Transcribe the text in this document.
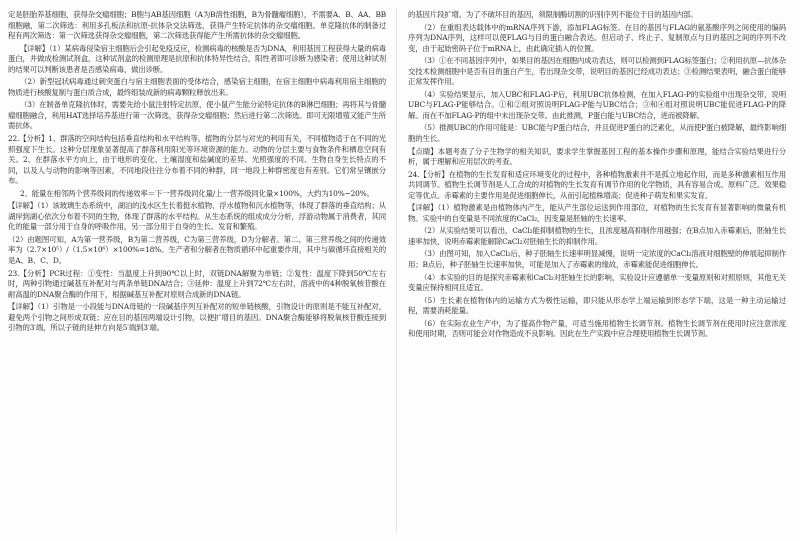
定是胚胎养基细胞，获得杂交瘤细胞；B胞与AB基因细胞（A为B溶性细胞，B为骨髓瘤细胞），不需要A、B、AA、BB细胞融，第二次筛选：利用多孔板法和抗原-抗体杂交法筛选，获得产生特定抗体的杂交瘤细胞。单克隆抗体的制备过程有两次筛选：第一次筛选获得杂交瘤细胞，第二次筛选获得能产生所需抗体的杂交瘤细胞。

【详解】（1）某病毒侵染宿主细胞后会引起免疫反应，检测病毒的核酸是否为DNA，利用基因工程获得大量的病毒蛋白，并做成检测试剂盒，这种试剂盒的检测原理是抗原和抗体特异性结合，阳性者即可诊断为感染者；使用这种试剂的结果可以判断该患者是否感染病毒，做出诊断。

（2）新型冠状病毒通过刺突蛋白与宿主细胞表面的受体结合，感染宿主细胞，在宿主细胞中病毒利用宿主细胞的物质进行核酸复制与蛋白质合成，最终组装成新的病毒颗粒释放出来。

（3）在制备单克隆抗体时，需要先给小鼠注射特定抗原，使小鼠产生能分泌特定抗体的B淋巴细胞；再将其与骨髓瘤细胞融合，利用HAT选择培养基进行第一次筛选，获得杂交瘤细胞；然后进行第二次筛选。即可无限增殖又能产生所需抗体。

22.【分析】1、群落的空间结构包括垂直结构和水平结构等。植物的分层与对光的利用有关，不同植物适于在不同的光照强度下生长。这种分层现象显著提高了群落利用阳光等环境资源的能力。动物的分层主要与食物条件和栖息空间有关。2、在群落水平方向上，由于地形的变化、土壤湿度和盐碱度的差异、光照强度的不同、生物自身生长特点的不同，以及人与动物的影响等因素，不同地段往往分布着不同的种群，同一地段上种群密度也有差别。它们常呈镶嵌分布。

2、能量在相邻两个营养级间的传递效率＝下一营养级同化量/上一营养级同化量×100%，大约为10%~20%。

【详解】（1）该玻璃生态系统中，湖泊的浅水区生长着挺水植物、浮水植物和沉水植物等，体现了群落的垂直结构；从湖岸到湖心依次分布着不同的生物，体现了群落的水平结构。从生态系统的组成成分分析，浮游动物属于消费者，其同化的能量一部分用于自身的呼吸作用，另一部分用于自身的生长、发育和繁殖。

（2）由题图可知，A为第一营养级，B为第二营养级，C为第三营养级，D为分解者。第二、第三营养级之间的传递效率为（2.7×10⁵）/（1.5×10⁶）×100%=18%。生产者和分解者在物质循环中起重要作用，其中与碳循环直接相关的是A、B、C、D。

23.【分析】PCR过程：①变性：当温度上升到90℃以上时，双链DNA解聚为单链；②复性：温度下降到50℃左右时，两种引物通过碱基互补配对与两条单链DNA结合；③延伸：温度上升到72℃左右时，溶液中的4种脱氧核苷酸在耐高温的DNA聚合酶的作用下，根据碱基互补配对原则合成新的DNA链。

【详解】（1）引物是一小段能与DNA母链的一段碱基序列互补配对的短单链核酸，引物设计的原则是不能互补配对，避免两个引物之间形成双链；应在目的基因两端设计引物，以便扩增目的基因。DNA聚合酶能够将脱氧核苷酸连接到引物的3′端，所以子链的延伸方向是5′端到3′端。

的基因片段扩增。为了不破坏目的基因，须限制酶切割的识别序列不能位于目的基因内部。

（2）在重组表达载体中的mRNA序列下游，添加FLAG标签。在目的基因与FLAG的氨基酸序列之间使用的编码序列为DNA序列，这样可以使FLAG与目的蛋白融合表达。但启动子、终止子、复制原点与目的基因之间的序列不改变，由于起始密码子位于mRNA上，由此确定插入的位置。

（3）①在不同基因序列中，如果目的基因在细胞内成功表达，则可以检测到FLAG标签蛋白；②利用抗原—抗体杂交技术检测细胞中是否有目的蛋白产生，若出现杂交带，说明目的基因已经成功表达；③检测结果表明，融合蛋白能够正常发挥作用。

（4）实验结果显示，加入UBC和FLAG-P后，利用UBC抗体检测，在加入FLAG-P的实验组中出现杂交带，说明UBC与FLAG-P能够结合。①和②组对照说明FLAG-P能与UBC结合；③和④组对照说明UBC能促进FLAG-P的降解。而在不加FLAG-P的组中未出现杂交带。由此推测，P蛋白能与UBC结合，进而被降解。

（5）推测UBC的作用可能是：UBC能与P蛋白结合，并且促进P蛋白的泛素化，从而使P蛋白被降解，最终影响细胞的生长。

【点睛】本题考查了分子生物学的相关知识，要求学生掌握基因工程的基本操作步骤和原理，能结合实验结果进行分析，属于理解和应用层次的考查。

24.【分析】在植物的生长发育和适应环境变化的过程中，各种植物激素并不是孤立地起作用，而是多种激素相互作用共同调节。植物生长调节剂是人工合成的对植物的生长发育有调节作用的化学物质，具有容易合成、原料广泛、效果稳定等优点。赤霉素的主要作用是促进细胞伸长，从而引起植株增高；促进种子萌发和果实发育。

【详解】（1）植物激素是由植物体内产生，能从产生部位运送到作用部位，对植物的生长发育有显著影响的微量有机物。实验中的自变量是不同浓度的CaCl₂，因变量是胚轴的生长速率。

（2）从实验结果可以看出，CaCl₂能抑制植物的生长，且浓度越高抑制作用越强；在B点加入赤霉素后，胚轴生长速率加快，说明赤霉素能解除CaCl₂对胚轴生长的抑制作用。

（3）由图可知，加入CaCl₂后，种子胚轴生长速率明显减慢，说明一定浓度的CaCl₂溶液对细胞壁的伸展起抑制作用；B点后，种子胚轴生长速率加快，可能是加入了赤霉素的缘故，赤霉素能促进细胞伸长。

（4）本实验的目的是探究赤霉素和CaCl₂对胚轴生长的影响，实验设计应遵循单一变量原则和对照原则，其他无关变量应保持相同且适宜。

（5）生长素在植物体内的运输方式为极性运输，即只能从形态学上端运输到形态学下端，这是一种主动运输过程，需要消耗能量。

（6）在实际农业生产中，为了提高作物产量，可适当施用植物生长调节剂。植物生长调节剂在使用时应注意浓度和使用时期，否则可能会对作物造成不良影响。因此在生产实践中应合理使用植物生长调节剂。
